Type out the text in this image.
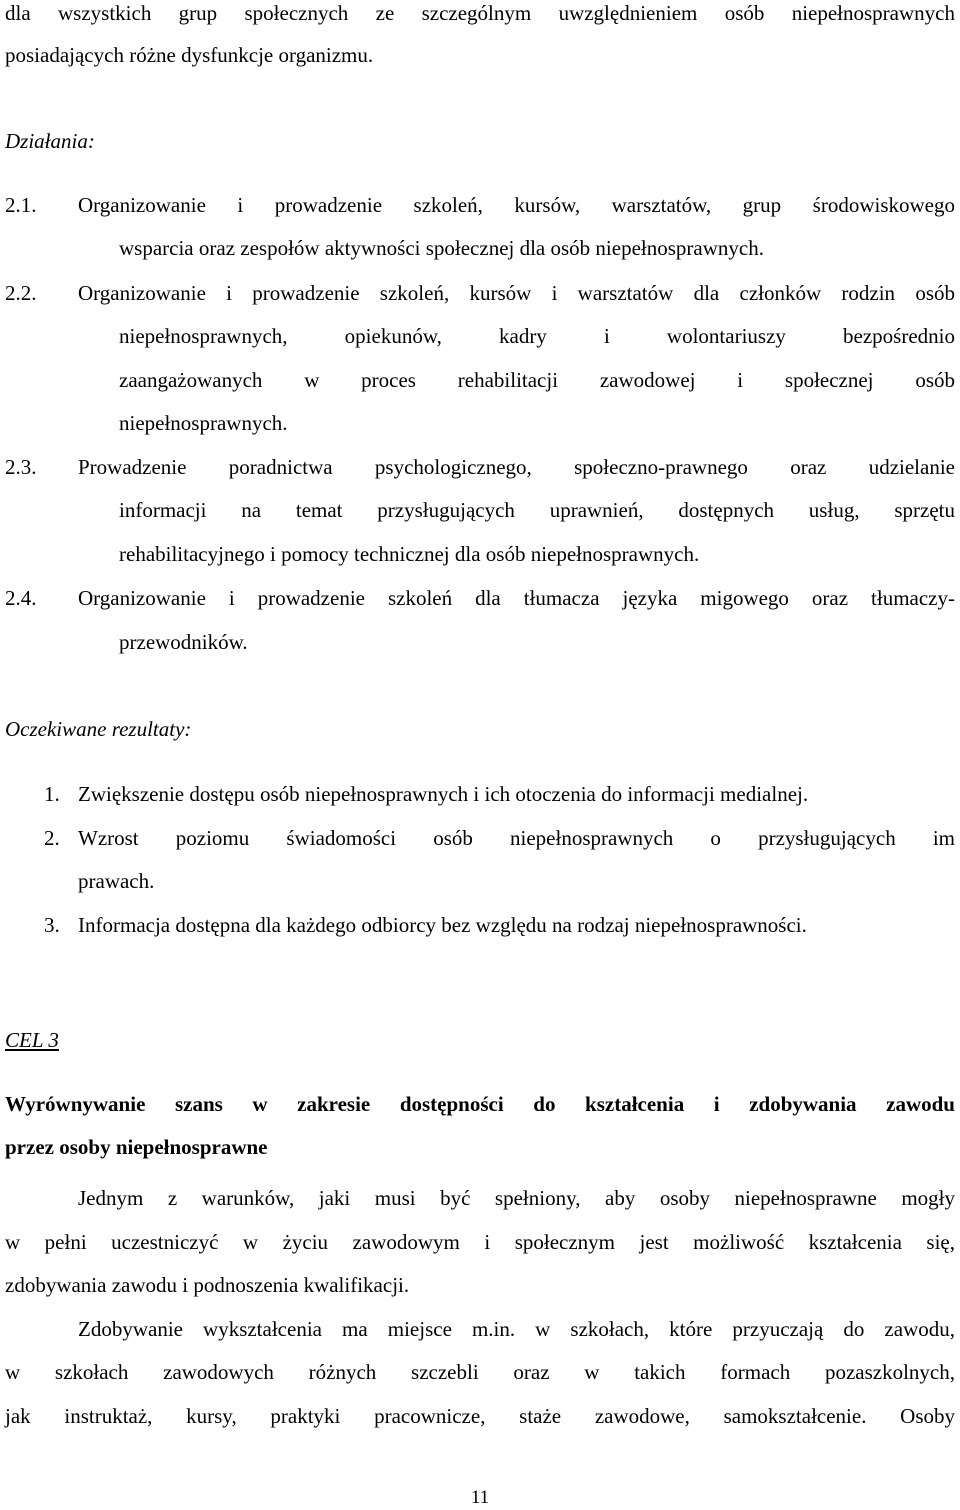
dla wszystkich grup społecznych ze szczególnym uwzględnieniem osób niepełnosprawnych
posiadających różne dysfunkcje organizmu.
Działania:
2.1. Organizowanie i prowadzenie szkoleń, kursów, warsztatów, grup środowiskowego
wsparcia oraz zespołów aktywności społecznej dla osób niepełnosprawnych.
2.2. Organizowanie i prowadzenie szkoleń, kursów i warsztatów dla członków rodzin osób
niepełnosprawnych, opiekunów, kadry i wolontariuszy bezpośrednio
zaangażowanych w proces rehabilitacji zawodowej i społecznej osób
niepełnosprawnych.
2.3. Prowadzenie poradnictwa psychologicznego, społeczno-prawnego oraz udzielanie
informacji na temat przysługujących uprawnień, dostępnych usług, sprzętu
rehabilitacyjnego i pomocy technicznej dla osób niepełnosprawnych.
2.4. Organizowanie i prowadzenie szkoleń dla tłumacza języka migowego oraz tłumaczy-
przewodników.
Oczekiwane rezultaty:
1. Zwiększenie dostępu osób niepełnosprawnych i ich otoczenia do informacji medialnej.
2. Wzrost poziomu świadomości osób niepełnosprawnych o przysługujących im
prawach.
3. Informacja dostępna dla każdego odbiorcy bez względu na rodzaj niepełnosprawności.
CEL 3
Wyrównywanie szans w zakresie dostępności do kształcenia i zdobywania zawodu
przez osoby niepełnosprawne
Jednym z warunków, jaki musi być spełniony, aby osoby niepełnosprawne mogły
w pełni uczestniczyć w życiu zawodowym i społecznym jest możliwość kształcenia się,
zdobywania zawodu i podnoszenia kwalifikacji.
Zdobywanie wykształcenia ma miejsce m.in. w szkołach, które przyuczają do zawodu,
w szkołach zawodowych różnych szczebli oraz w takich formach pozaszkolnych,
jak instruktaż, kursy, praktyki pracownicze, staże zawodowe, samokształcenie. Osoby
11
